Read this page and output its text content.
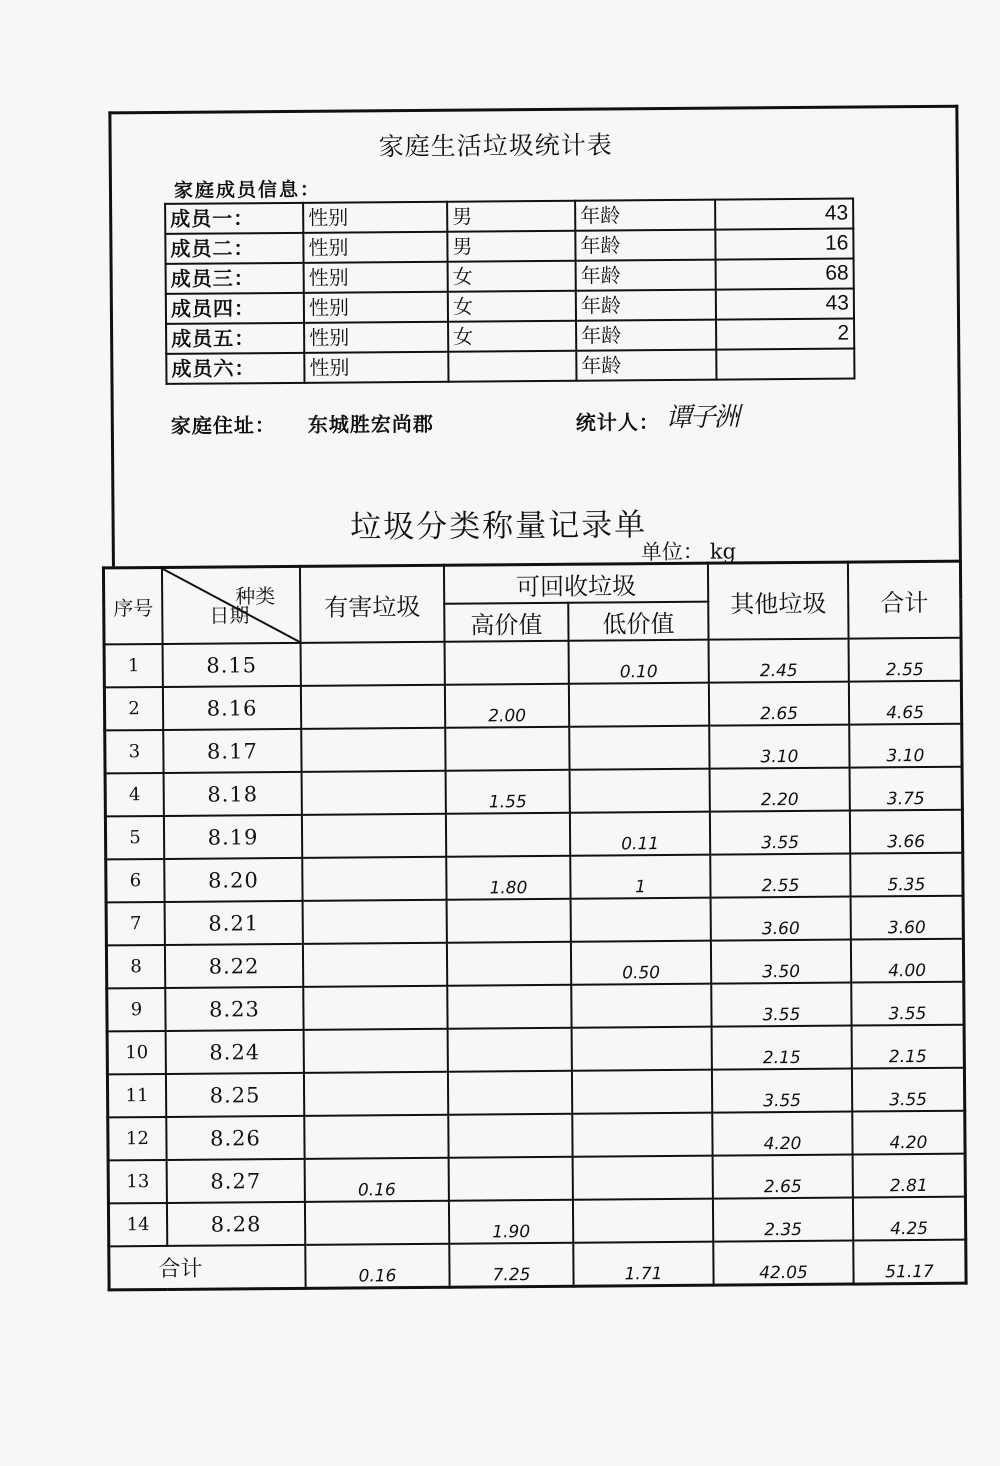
家庭生活垃圾统计表
家庭成员信息：
成员一：	性别	男	年龄	43
成员二：	性别	男	年龄	16
成员三：	性别	女	年龄	68
成员四：	性别	女	年龄	43
成员五：	性别	女	年龄	2
成员六：	性别		年龄	
家庭住址： 东城胜宏尚郡	统计人： 谭子洲
垃圾分类称量记录单
单位： kg
序号	种类
日期	有害垃圾	可回收垃圾		其他垃圾	合计
			高价值	低价值		
1	8.15			0.10	2.45	2.55
2	8.16		2.00		2.65	4.65
3	8.17				3.10	3.10
4	8.18		1.55		2.20	3.75
5	8.19			0.11	3.55	3.66
6	8.20		1.80	1	2.55	5.35
7	8.21				3.60	3.60
8	8.22			0.50	3.50	4.00
9	8.23				3.55	3.55
10	8.24				2.15	2.15
11	8.25				3.55	3.55
12	8.26				4.20	4.20
13	8.27	0.16			2.65	2.81
14	8.28		1.90		2.35	4.25
合计		0.16	7.25	1.71	42.05	51.17
